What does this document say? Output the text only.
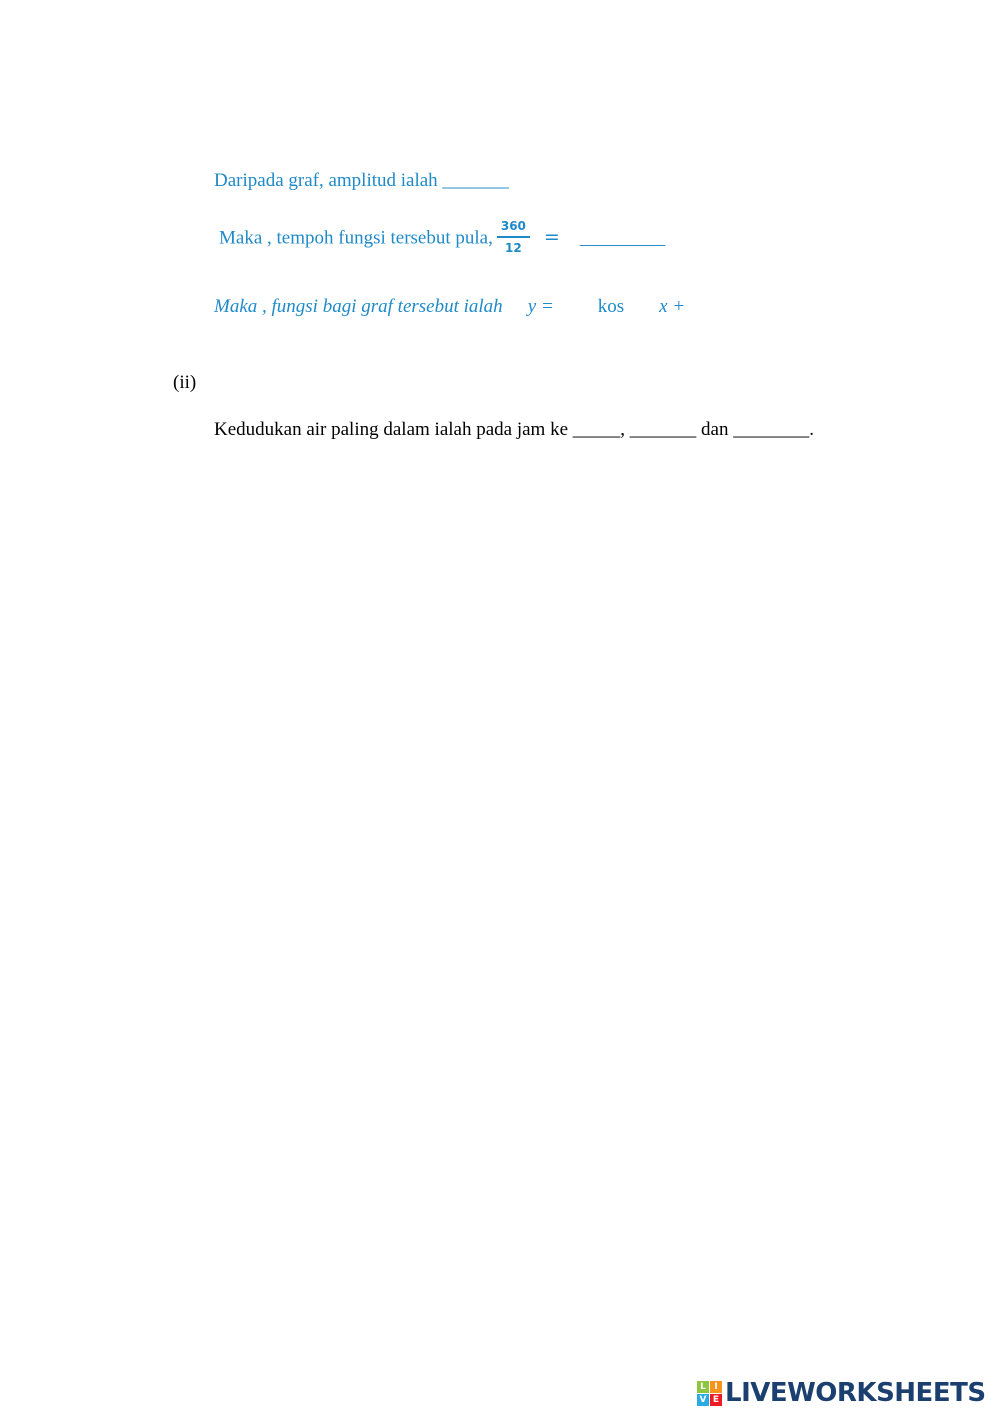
Daripada graf, amplitud ialah _______
Maka , tempoh fungsi tersebut pula, $\frac{360}{12}$ = _________
Maka , fungsi bagi graf tersebut ialah y = kos x +
(ii)
Kedudukan air paling dalam ialah pada jam ke _____, _______ dan ________.
L I
V E LIVEWORKSHEETS
